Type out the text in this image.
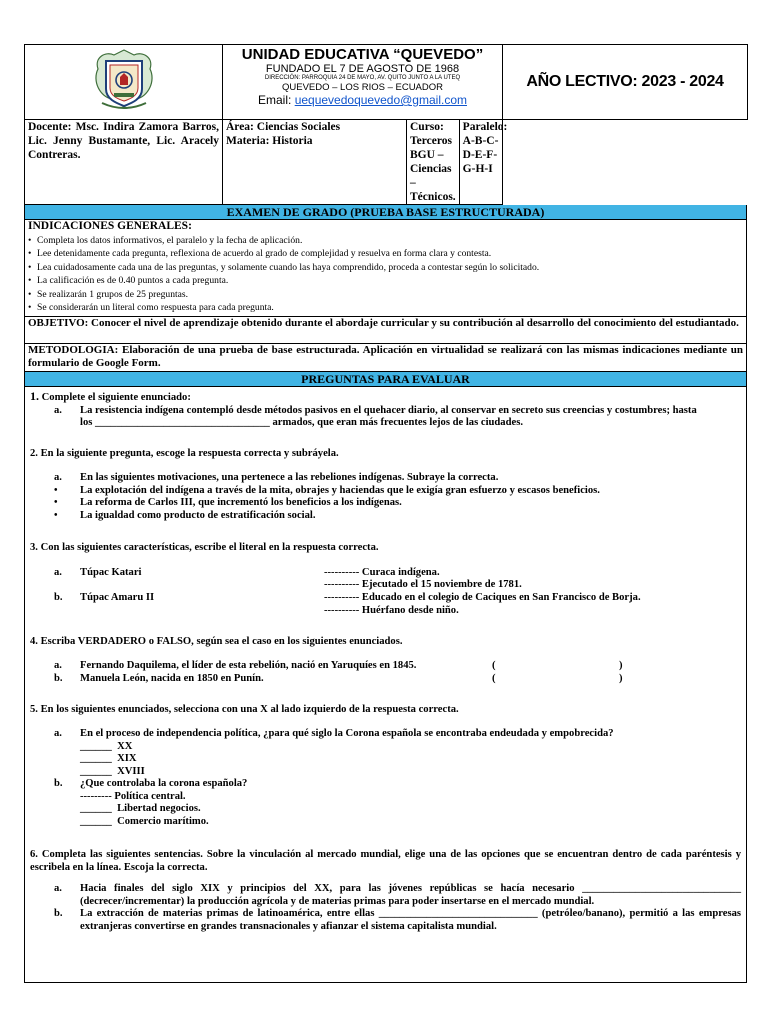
UNIDAD EDUCATIVA “QUEVEDO”
FUNDADO EL 7 DE AGOSTO DE 1968
DIRECCIÓN: PARROQUIA 24 DE MAYO, AV. QUITO JUNTO A LA UTEQ
QUEVEDO – LOS RIOS – ECUADOR
Email: uequevedoquevedo@gmail.com
	AÑO LECTIVO: 2023 - 2024
Docente: Msc. Indira Zamora Barros, Lic. Jenny Bustamante, Lic. Aracely Contreras.	
Área: Ciencias Sociales
Materia: Historia

Curso: Terceros BGU – Ciencias – Técnicos.	Paralelo: A-B-C-D-E-F-G-H-I
EXAMEN DE GRADO (PRUEBA BASE ESTRUCTURADA)
INDICACIONES GENERALES:
• Completa los datos informativos, el paralelo y la fecha de aplicación.
• Lee detenidamente cada pregunta, reflexiona de acuerdo al grado de complejidad y resuelva en forma clara y contesta.
• Lea cuidadosamente cada una de las preguntas, y solamente cuando las haya comprendido, proceda a contestar según lo solicitado.
• La calificación es de 0.40 puntos a cada pregunta.
• Se realizarán 1 grupos de 25 preguntas.
• Se considerarán un literal como respuesta para cada pregunta.
OBJETIVO: Conocer el nivel de aprendizaje obtenido durante el abordaje curricular y su contribución al desarrollo del conocimiento del estudiantado.
METODOLOGIA: Elaboración de una prueba de base estructurada. Aplicación en virtualidad se realizará con las mismas indicaciones mediante un formulario de Google Form.
PREGUNTAS PARA EVALUAR
1. Complete el siguiente enunciado:
a. La resistencia indígena contempló desde métodos pasivos en el quehacer diario, al conservar en secreto sus creencias y costumbres; hasta
los _________________________________ armados, que eran más frecuentes lejos de las ciudades.
2. En la siguiente pregunta, escoge la respuesta correcta y subráyela.
a. En las siguientes motivaciones, una pertenece a las rebeliones indígenas. Subraye la correcta.
• La explotación del indígena a través de la mita, obrajes y haciendas que le exigía gran esfuerzo y escasos beneficios.
• La reforma de Carlos III, que incrementó los beneficios a los indígenas.
• La igualdad como producto de estratificación social.
3. Con las siguientes características, escribe el literal en la respuesta correcta.
a. Túpac Katari	---------- Curaca indígena.
---------- Ejecutado el 15 noviembre de 1781.
b. Túpac Amaru II	---------- Educado en el colegio de Caciques en San Francisco de Borja.
---------- Huérfano desde niño.
4. Escriba VERDADERO o FALSO, según sea el caso en los siguientes enunciados.
a. Fernando Daquilema, el líder de esta rebelión, nació en Yaruquíes en 1845.	(	)
b. Manuela León, nacida en 1850 en Punín.	(	)
5. En los siguientes enunciados, selecciona con una X al lado izquierdo de la respuesta correcta.
a. En el proceso de independencia política, ¿para qué siglo la Corona española se encontraba endeudada y empobrecida?
______  XX
______  XIX
______  XVIII
b. ¿Que controlaba la corona española?
--------- Política central.
______  Libertad negocios.
______  Comercio marítimo.
6. Completa las siguientes sentencias. Sobre la vinculación al mercado mundial, elige una de las opciones que se encuentran dentro de cada paréntesis y escribela en la línea. Escoja la correcta.
a. Hacia finales del siglo XIX y principios del XX, para las jóvenes repúblicas se hacía necesario ______________________________ (decrecer/incrementar) la producción agrícola y de materias primas para poder insertarse en el mercado mundial.
b. La extracción de materias primas de latinoamérica, entre ellas ______________________________ (petróleo/banano), permitió a las empresas extranjeras convertirse en grandes transnacionales y afianzar el sistema capitalista mundial.
